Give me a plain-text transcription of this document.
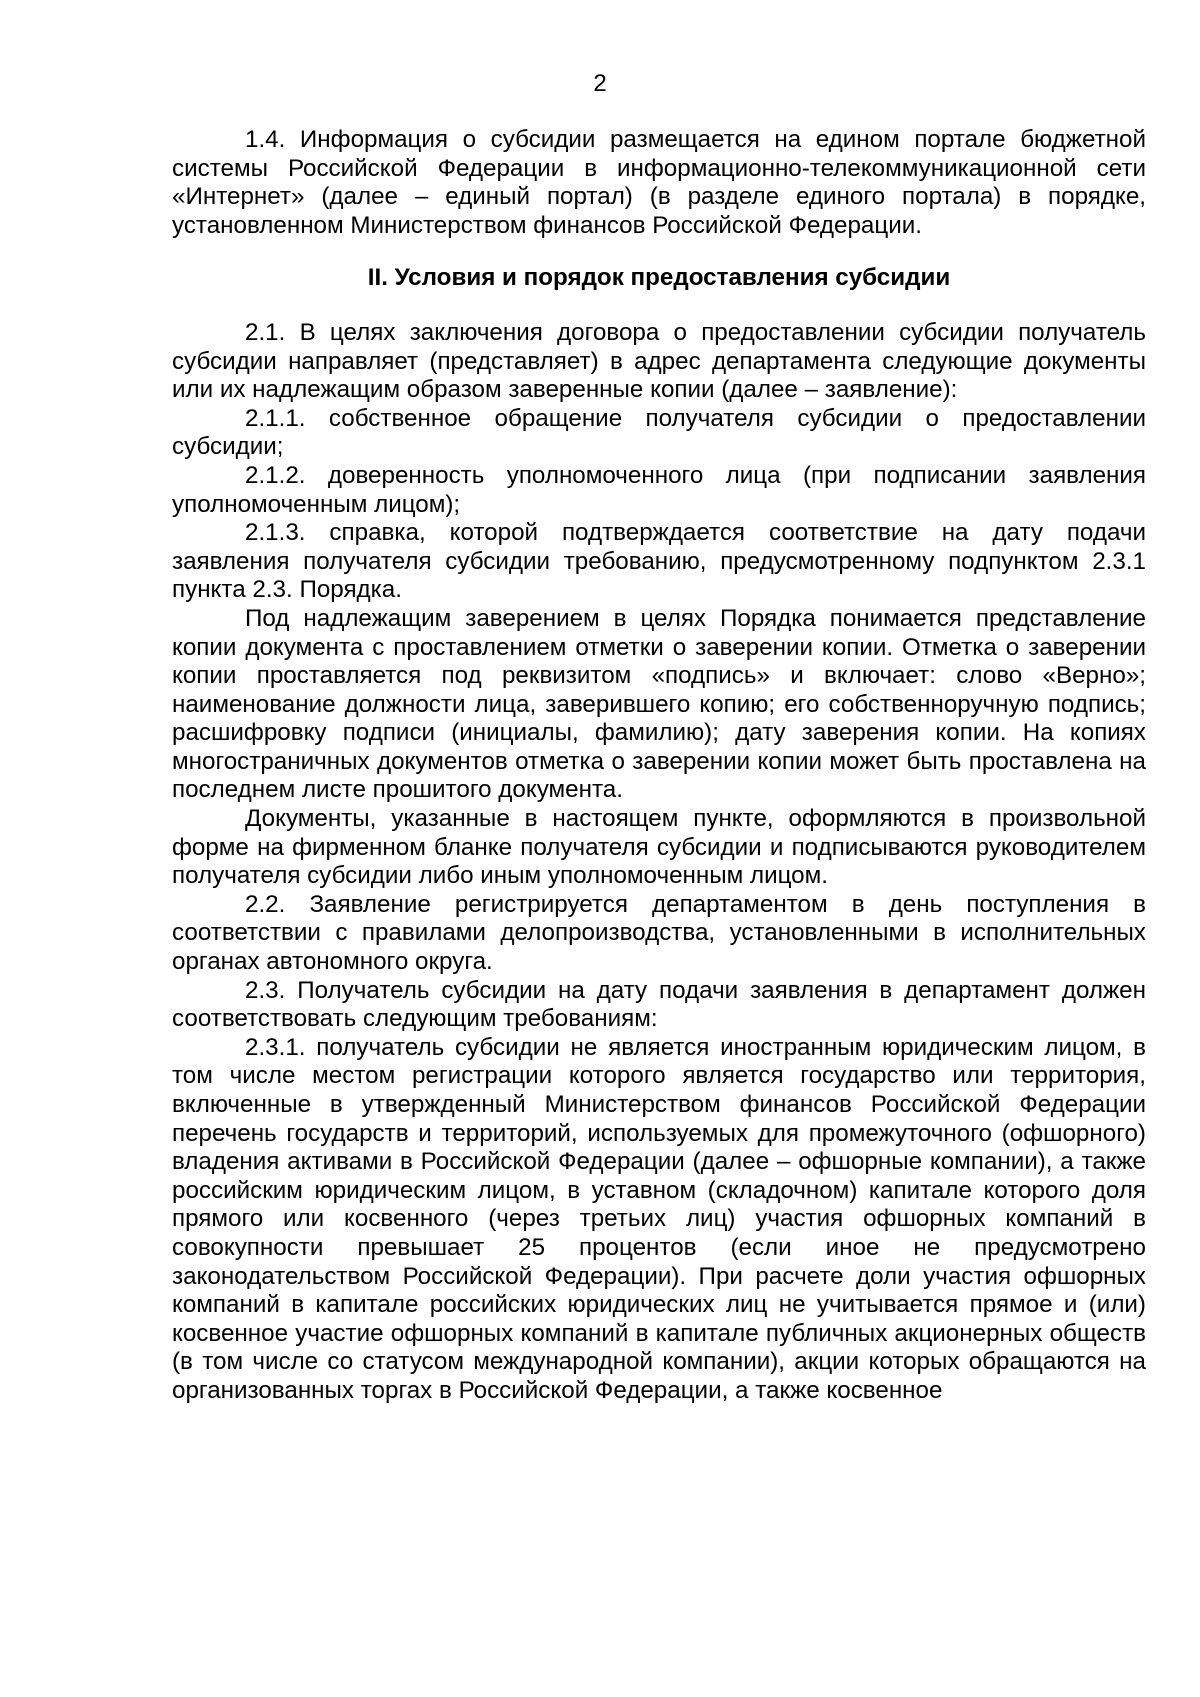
2

1.4. Информация о субсидии размещается на едином портале бюджетной системы Российской Федерации в информационно-телекоммуникационной сети «Интернет» (далее – единый портал) (в разделе единого портала) в порядке, установленном Министерством финансов Российской Федерации.

II. Условия и порядок предоставления субсидии

2.1. В целях заключения договора о предоставлении субсидии получатель субсидии направляет (представляет) в адрес департамента следующие документы или их надлежащим образом заверенные копии (далее – заявление):

2.1.1. собственное обращение получателя субсидии о предоставлении субсидии;

2.1.2. доверенность уполномоченного лица (при подписании заявления уполномоченным лицом);

2.1.3. справка, которой подтверждается соответствие на дату подачи заявления получателя субсидии требованию, предусмотренному подпунктом 2.3.1 пункта 2.3. Порядка.

Под надлежащим заверением в целях Порядка понимается представление копии документа с проставлением отметки о заверении копии. Отметка о заверении копии проставляется под реквизитом «подпись» и включает: слово «Верно»; наименование должности лица, заверившего копию; его собственноручную подпись; расшифровку подписи (инициалы, фамилию); дату заверения копии. На копиях многостраничных документов отметка о заверении копии может быть проставлена на последнем листе прошитого документа.

Документы, указанные в настоящем пункте, оформляются в произвольной форме на фирменном бланке получателя субсидии и подписываются руководителем получателя субсидии либо иным уполномоченным лицом.

2.2. Заявление регистрируется департаментом в день поступления в соответствии с правилами делопроизводства, установленными в исполнительных органах автономного округа.

2.3. Получатель субсидии на дату подачи заявления в департамент должен соответствовать следующим требованиям:

2.3.1. получатель субсидии не является иностранным юридическим лицом, в том числе местом регистрации которого является государство или территория, включенные в утвержденный Министерством финансов Российской Федерации перечень государств и территорий, используемых для промежуточного (офшорного) владения активами в Российской Федерации (далее – офшорные компании), а также российским юридическим лицом, в уставном (складочном) капитале которого доля прямого или косвенного (через третьих лиц) участия офшорных компаний в совокупности превышает 25 процентов (если иное не предусмотрено законодательством Российской Федерации). При расчете доли участия офшорных компаний в капитале российских юридических лиц не учитывается прямое и (или) косвенное участие офшорных компаний в капитале публичных акционерных обществ (в том числе со статусом международной компании), акции которых обращаются на организованных торгах в Российской Федерации, а также косвенное
